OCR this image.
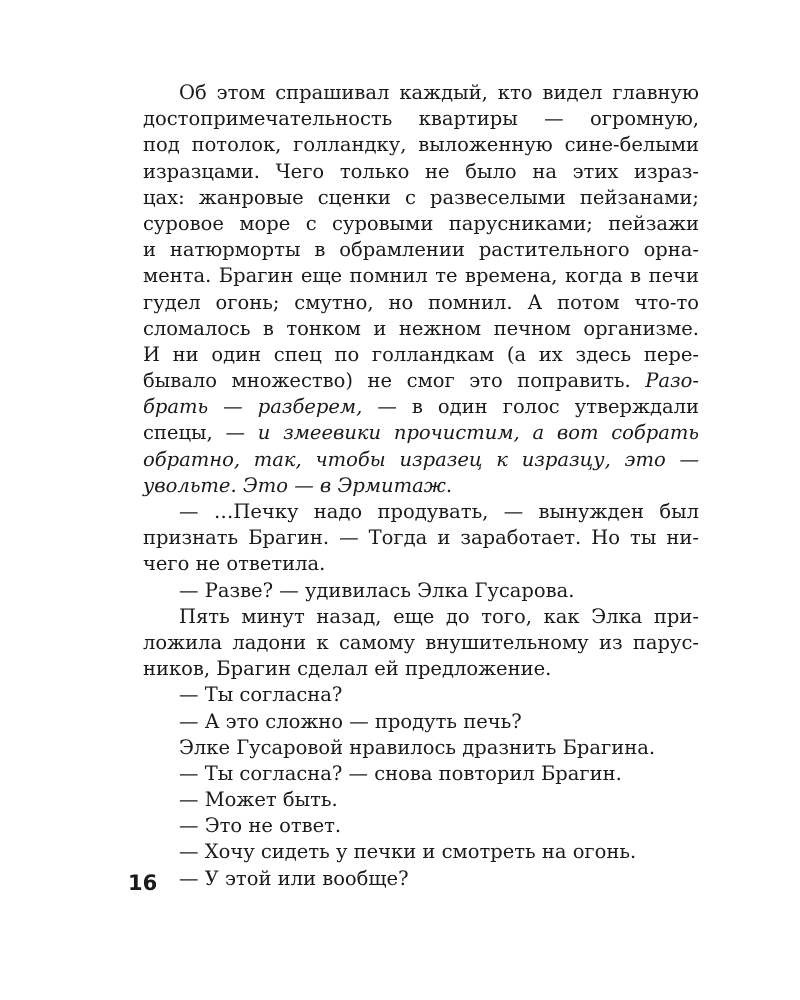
Об этом спрашивал каждый, кто видел главную
достопримечательность квартиры — огромную,
под потолок, голландку, выложенную сине-белыми
изразцами. Чего только не было на этих израз-
цах: жанровые сценки с развеселыми пейзанами;
суровое море с суровыми парусниками; пейзажи
и натюрморты в обрамлении растительного орна-
мента. Брагин еще помнил те времена, когда в печи
гудел огонь; смутно, но помнил. А потом что-то
сломалось в тонком и нежном печном организме.
И ни один спец по голландкам (а их здесь пере-
бывало множество) не смог это поправить. Разо-
брать — разберем, — в один голос утверждали
спецы, — и змеевики прочистим, а вот собрать
обратно, так, чтобы изразец к изразцу, это —
увольте. Это — в Эрмитаж.
— …Печку надо продувать, — вынужден был
признать Брагин. — Тогда и заработает. Но ты ни-
чего не ответила.
— Разве? — удивилась Элка Гусарова.
Пять минут назад, еще до того, как Элка при-
ложила ладони к самому внушительному из парус-
ников, Брагин сделал ей предложение.
— Ты согласна?
— А это сложно — продуть печь?
Элке Гусаровой нравилось дразнить Брагина.
— Ты согласна? — снова повторил Брагин.
— Может быть.
— Это не ответ.
— Хочу сидеть у печки и смотреть на огонь.
— У этой или вообще?
16
